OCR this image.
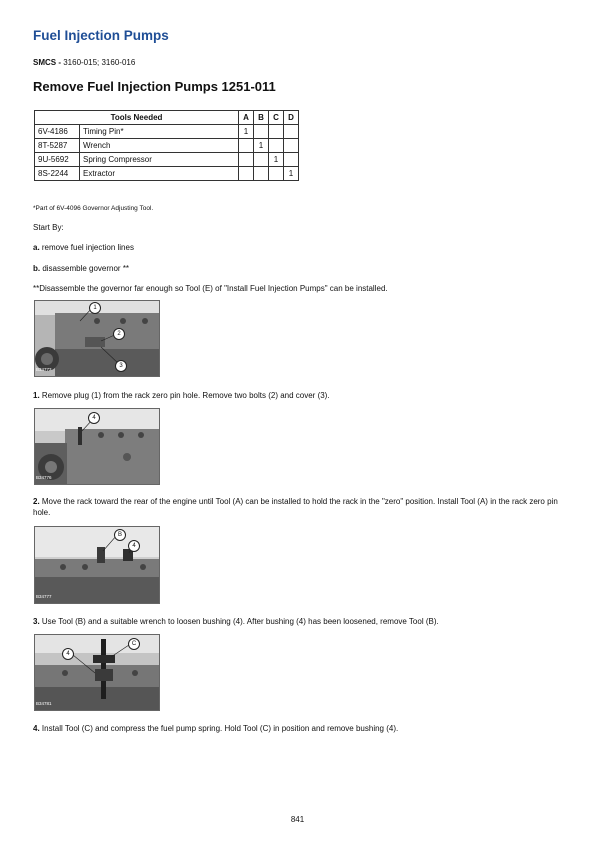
Fuel Injection Pumps
SMCS - 3160-015; 3160-016
Remove Fuel Injection Pumps 1251-011
Tools Needed		A	B	C	D
6V-4186	Timing Pin*	1			
8T-5287	Wrench		1		
9U-5692	Spring Compressor			1	
8S-2244	Extractor				1
*Part of 6V-4096 Governor Adjusting Tool.
Start By:
a. remove fuel injection lines
b. disassemble governor **
**Disassemble the governor far enough so Tool (E) of "Install Fuel Injection Pumps" can be installed.
1
2
3
B34773
1. Remove plug (1) from the rack zero pin hole. Remove two bolts (2) and cover (3).
4
B34776
2. Move the rack toward the rear of the engine until Tool (A) can be installed to hold the rack in the "zero" position. Install Tool (A) in the rack zero pin hole.
B
4
B34777
3. Use Tool (B) and a suitable wrench to loosen bushing (4). After bushing (4) has been loosened, remove Tool (B).
4
C
B34781
4. Install Tool (C) and compress the fuel pump spring. Hold Tool (C) in position and remove bushing (4).
841
